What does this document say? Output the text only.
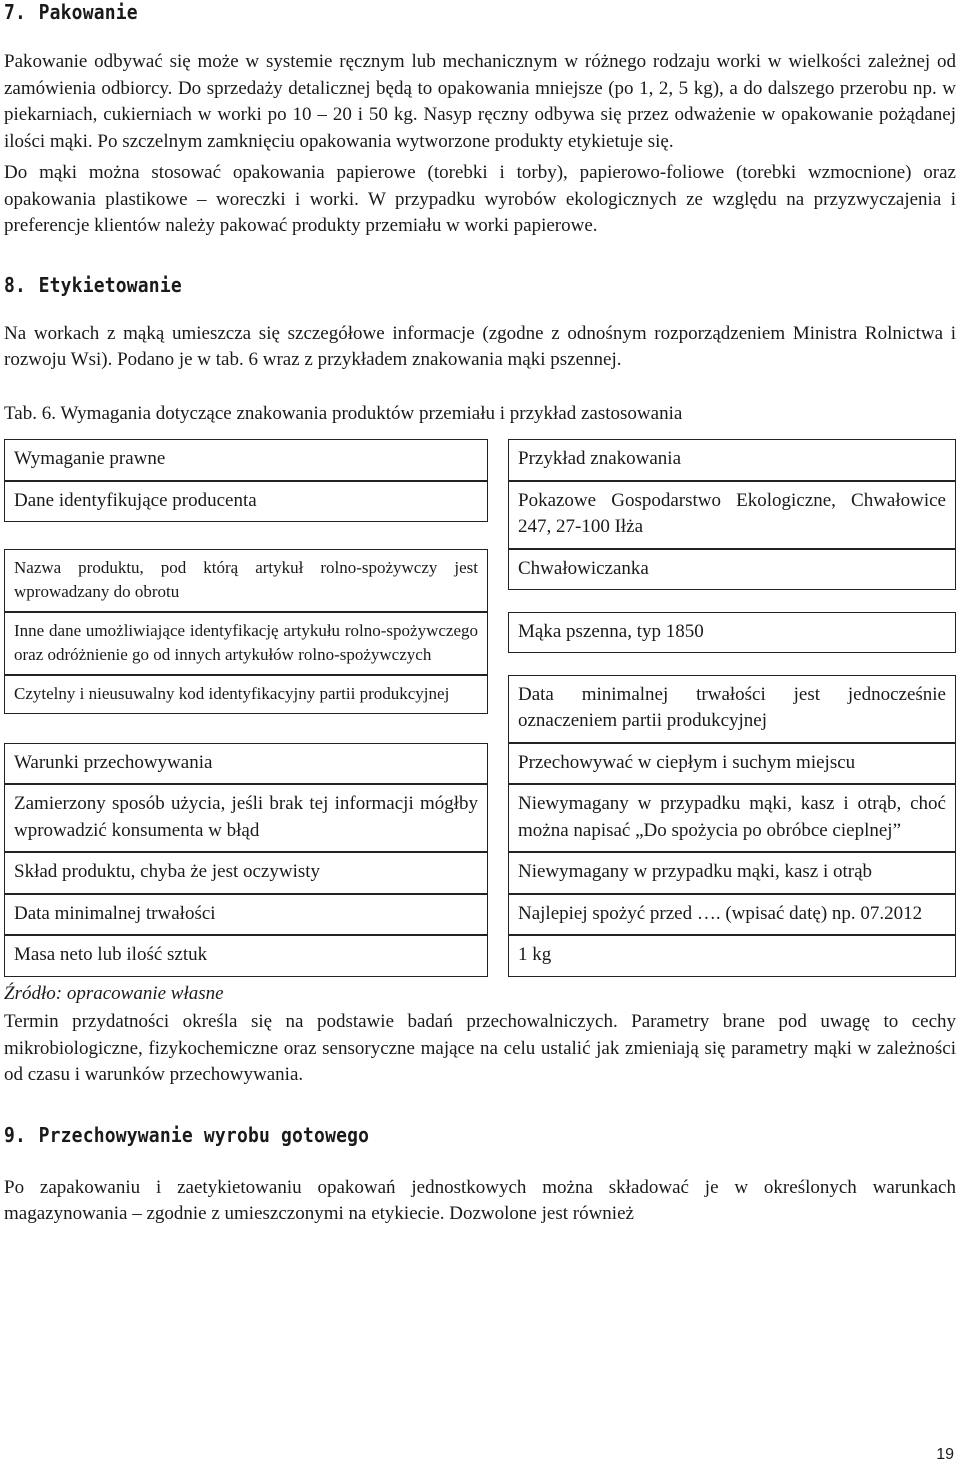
7. Pakowanie

Pakowanie odbywać się może w systemie ręcznym lub mechanicznym w różnego rodzaju worki w wielkości zależnej od zamówienia odbiorcy. Do sprzedaży detalicznej będą to opakowania mniejsze (po 1, 2, 5 kg), a do dalszego przerobu np. w piekarniach, cukierniach w worki po 10 – 20 i 50 kg. Nasyp ręczny odbywa się przez odważenie w opakowanie pożądanej ilości mąki. Po szczelnym zamknięciu opakowania wytworzone produkty etykietuje się.

Do mąki można stosować opakowania papierowe (torebki i torby), papierowo-foliowe (torebki wzmocnione) oraz opakowania plastikowe – woreczki i worki. W przypadku wyrobów ekologicznych ze względu na przyzwyczajenia i preferencje klientów należy pakować produkty przemiału w worki papierowe.

8. Etykietowanie

Na workach z mąką umieszcza się szczegółowe informacje (zgodne z odnośnym rozporządzeniem Ministra Rolnictwa i rozwoju Wsi). Podano je w tab. 6 wraz z przykładem znakowania mąki pszennej.

Tab. 6. Wymagania dotyczące znakowania produktów przemiału i przykład zastosowania

Wymaganie prawne		Przykład znakowania

Dane identyfikujące producenta		Pokazowe Gospodarstwo Ekologiczne, Chwałowice 247, 27-100 Iłża

Nazwa produktu, pod którą artykuł rolno-spożywczy jest wprowadzany do obrotu		Chwałowiczanka

Inne dane umożliwiające identyfikację artykułu rolno-spożywczego oraz odróżnienie go od innych artykułów rolno-spożywczych		Mąka pszenna, typ 1850

Czytelny i nieusuwalny kod identyfikacyjny partii produkcyjnej		Data minimalnej trwałości jest jednocześnie oznaczeniem partii produkcyjnej

Warunki przechowywania		Przechowywać w ciepłym i suchym miejscu

Zamierzony sposób użycia, jeśli brak tej informacji mógłby wprowadzić konsumenta w błąd		Niewymagany w przypadku mąki, kasz i otrąb, choć można napisać „Do spożycia po obróbce cieplnej”

Skład produktu, chyba że jest oczywisty		Niewymagany w przypadku mąki, kasz i otrąb

Data minimalnej trwałości		Najlepiej spożyć przed …. (wpisać datę) np. 07.2012

Masa neto lub ilość sztuk		1 kg

Źródło: opracowanie własne

Termin przydatności określa się na podstawie badań przechowalniczych. Parametry brane pod uwagę to cechy mikrobiologiczne, fizykochemiczne oraz sensoryczne mające na celu ustalić jak zmieniają się parametry mąki w zależności od czasu i warunków przechowywania.

9. Przechowywanie wyrobu gotowego

Po zapakowaniu i zaetykietowaniu opakowań jednostkowych można składować je w określonych warunkach magazynowania – zgodnie z umieszczonymi na etykiecie. Dozwolone jest również

19
